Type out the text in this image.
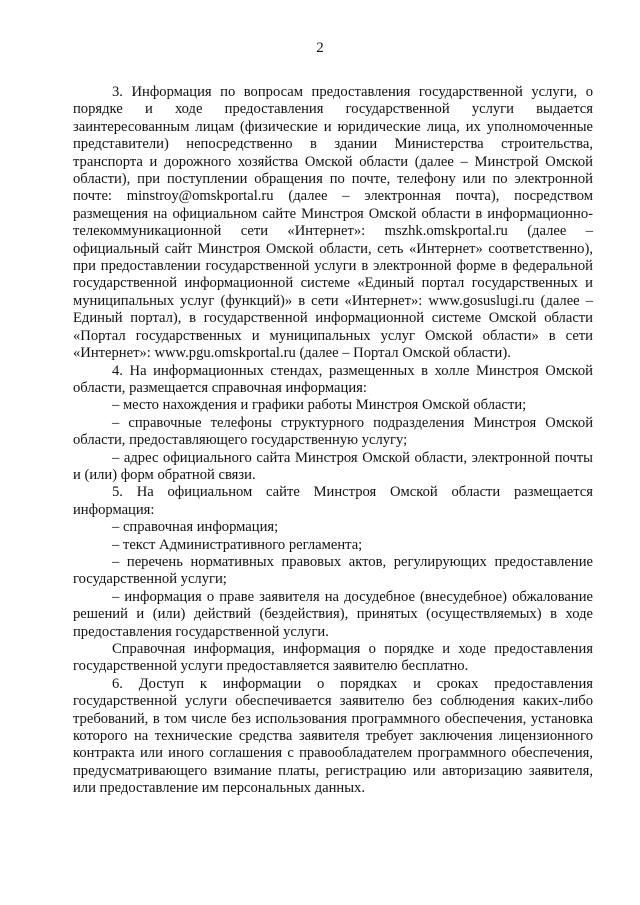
2

3. Информация по вопросам предоставления государственной услуги, о порядке и ходе предоставления государственной услуги выдается заинтересованным лицам (физические и юридические лица, их уполномоченные представители) непосредственно в здании Министерства строительства, транспорта и дорожного хозяйства Омской области (далее – Минстрой Омской области), при поступлении обращения по почте, телефону или по электронной почте: minstroy@omskportal.ru (далее – электронная почта), посредством размещения на официальном сайте Минстроя Омской области в информационно-телекоммуникационной сети «Интернет»: mszhk.omskportal.ru (далее – официальный сайт Минстроя Омской области, сеть «Интернет» соответственно), при предоставлении государственной услуги в электронной форме в федеральной государственной информационной системе «Единый портал государственных и муниципальных услуг (функций)» в сети «Интернет»: www.gosuslugi.ru (далее – Единый портал), в государственной информационной системе Омской области «Портал государственных и муниципальных услуг Омской области» в сети «Интернет»: www.pgu.omskportal.ru (далее – Портал Омской области).

4. На информационных стендах, размещенных в холле Минстроя Омской области, размещается справочная информация:

– место нахождения и графики работы Минстроя Омской области;

– справочные телефоны структурного подразделения Минстроя Омской области, предоставляющего государственную услугу;

– адрес официального сайта Минстроя Омской области, электронной почты и (или) форм обратной связи.

5. На официальном сайте Минстроя Омской области размещается информация:

– справочная информация;

– текст Административного регламента;

– перечень нормативных правовых актов, регулирующих предоставление государственной услуги;

– информация о праве заявителя на досудебное (внесудебное) обжалование решений и (или) действий (бездействия), принятых (осуществляемых) в ходе предоставления государственной услуги.

Справочная информация, информация о порядке и ходе предоставления государственной услуги предоставляется заявителю бесплатно.

6. Доступ к информации о порядках и сроках предоставления государственной услуги обеспечивается заявителю без соблюдения каких-либо требований, в том числе без использования программного обеспечения, установка которого на технические средства заявителя требует заключения лицензионного контракта или иного соглашения с правообладателем программного обеспечения, предусматривающего взимание платы, регистрацию или авторизацию заявителя, или предоставление им персональных данных.
